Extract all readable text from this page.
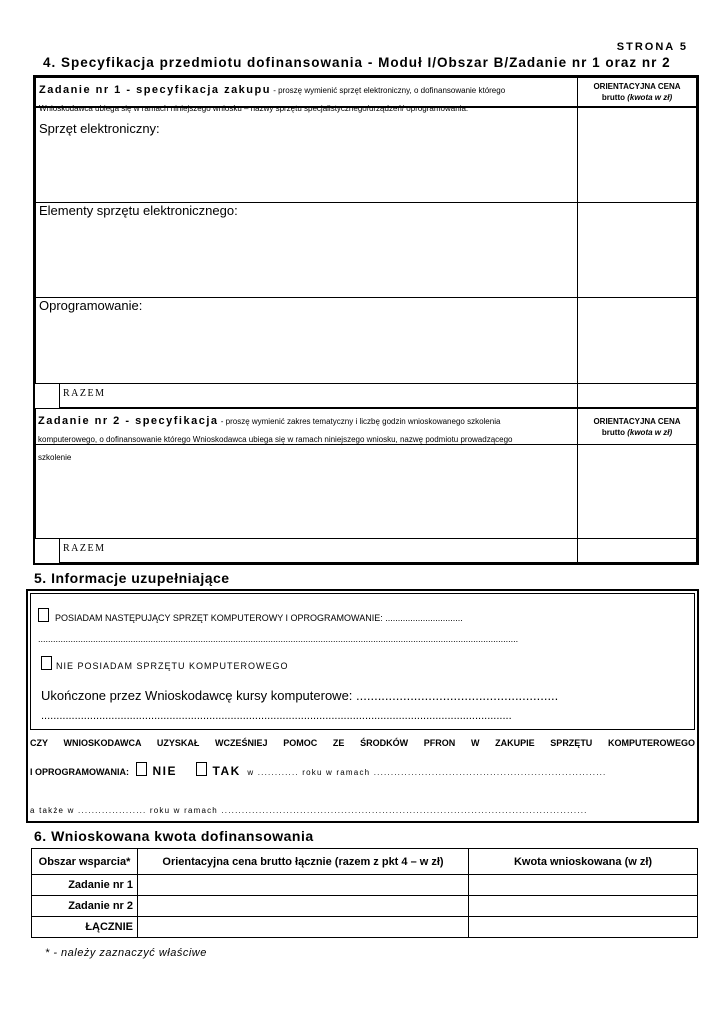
STRONA 5
4. Specyfikacja przedmiotu dofinansowania - Moduł I/Obszar B/Zadanie nr 1 oraz nr 2
Zadanie nr 1 - specyfikacja zakupu - proszę wymienić sprzęt elektroniczny, o dofinansowanie którego
Wnioskodawca ubiega się w ramach niniejszego wniosku – nazwy sprzętu specjalistycznego/urządzeń/ oprogramowania:
ORIENTACYJNA CENA
brutto (kwota w zł)
Sprzęt elektroniczny:
Elementy sprzętu elektronicznego:
Oprogramowanie:
RAZEM
Zadanie nr 2 - specyfikacja - proszę wymienić zakres tematyczny i liczbę godzin wnioskowanego szkolenia
komputerowego, o dofinansowanie którego Wnioskodawca ubiega się w ramach niniejszego wniosku, nazwę podmiotu prowadzącego
szkolenie
ORIENTACYJNA CENA
brutto (kwota w zł)
RAZEM
5. Informacje uzupełniające
POSIADAM NASTĘPUJĄCY SPRZĘT KOMPUTEROWY I OPROGRAMOWANIE: ...............................
................................................................................................................................................................................................
NIE POSIADAM SPRZĘTU KOMPUTEROWEGO
Ukończone przez Wnioskodawcę kursy komputerowe: ........................................................
..........................................................................................................................................................
CZY WNIOSKODAWCA UZYSKAŁ WCZEŚNIEJ POMOC ZE ŚRODKÓW PFRON W ZAKUPIE SPRZĘTU KOMPUTEROWEGO
I OPROGRAMOWANIA: NIE	TAK w ............ roku w ramach ....................................................................
a także w .................... roku w ramach ...........................................................................................................
6. Wnioskowana kwota dofinansowania
Obszar wsparcia*	Orientacyjna cena brutto łącznie (razem z pkt 4 – w zł)	Kwota wnioskowana (w zł)
Zadanie nr 1		
Zadanie nr 2		
ŁĄCZNIE		
* - należy zaznaczyć właściwe
